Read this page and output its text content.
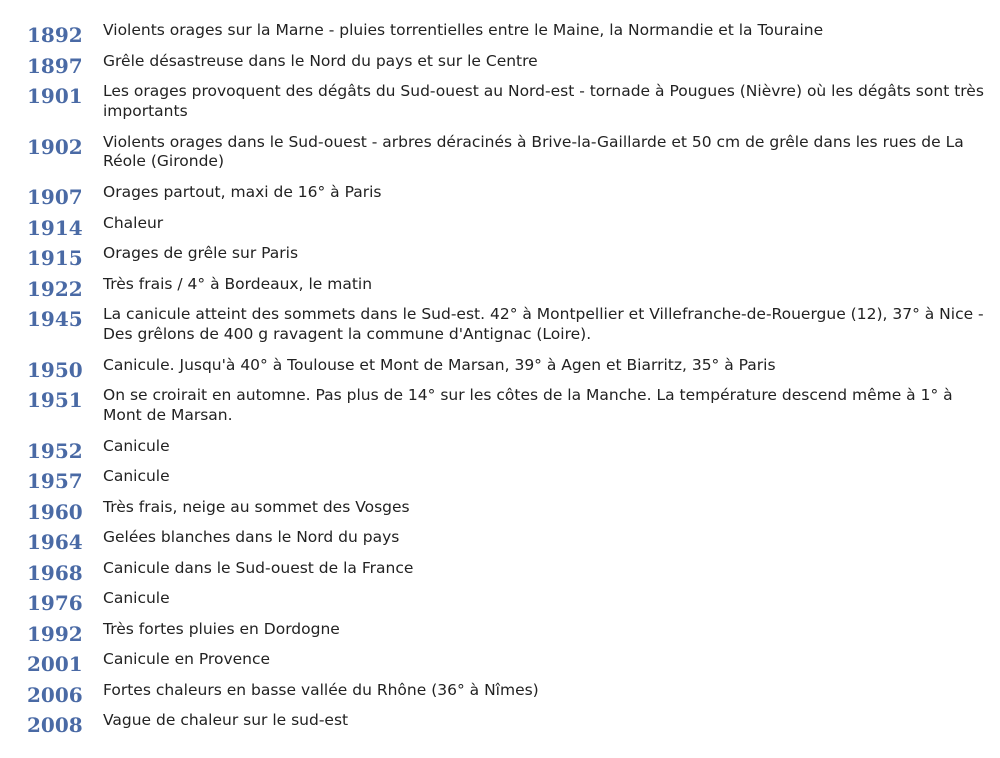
1892	Violents orages sur la Marne - pluies torrentielles entre le Maine, la Normandie et la Touraine
1897	Grêle désastreuse dans le Nord du pays et sur le Centre
1901	Les orages provoquent des dégâts du Sud-ouest au Nord-est - tornade à Pougues (Nièvre) où les dégâts sont très importants
1902	Violents orages dans le Sud-ouest - arbres déracinés à Brive-la-Gaillarde et 50 cm de grêle dans les rues de La Réole (Gironde)
1907	Orages partout, maxi de 16° à Paris
1914	Chaleur
1915	Orages de grêle sur Paris
1922	Très frais / 4° à Bordeaux, le matin
1945	La canicule atteint des sommets dans le Sud-est. 42° à Montpellier et Villefranche-de-Rouergue (12), 37° à Nice - Des grêlons de 400 g ravagent la commune d'Antignac (Loire).
1950	Canicule. Jusqu'à 40° à Toulouse et Mont de Marsan, 39° à Agen et Biarritz, 35° à Paris
1951	On se croirait en automne. Pas plus de 14° sur les côtes de la Manche. La température descend même à 1° à Mont de Marsan.
1952	Canicule
1957	Canicule
1960	Très frais, neige au sommet des Vosges
1964	Gelées blanches dans le Nord du pays
1968	Canicule dans le Sud-ouest de la France
1976	Canicule
1992	Très fortes pluies en Dordogne
2001	Canicule en Provence
2006	Fortes chaleurs en basse vallée du Rhône (36° à Nîmes)
2008	Vague de chaleur sur le sud-est
